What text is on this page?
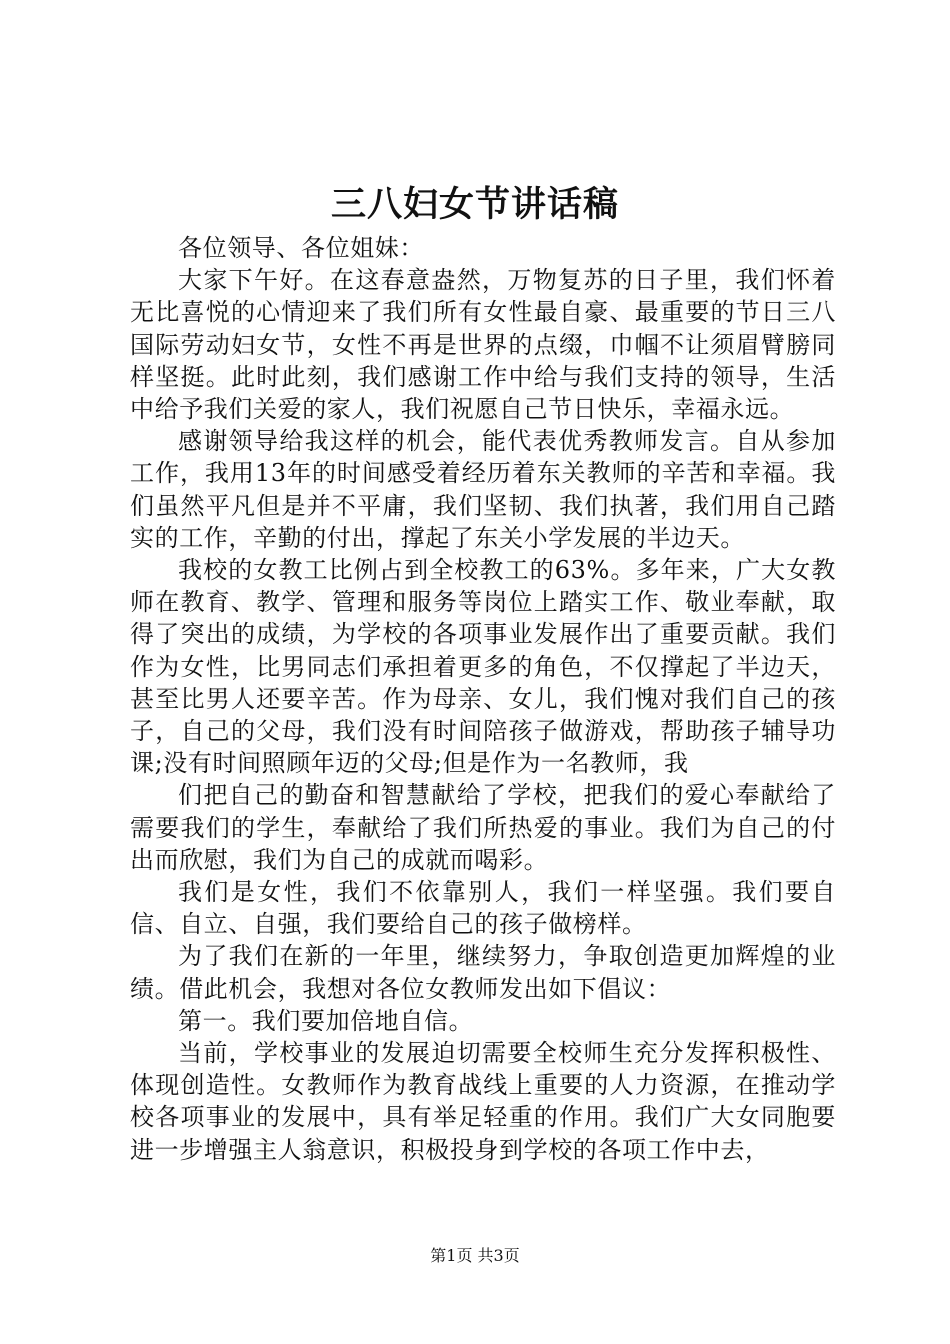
三八妇女节讲话稿

各位领导、各位姐妹：

大家下午好。在这春意盎然，万物复苏的日子里，我们怀着无比喜悦的心情迎来了我们所有女性最自豪、最重要的节日三八国际劳动妇女节，女性不再是世界的点缀，巾帼不让须眉臂膀同样坚挺。此时此刻，我们感谢工作中给与我们支持的领导，生活中给予我们关爱的家人，我们祝愿自己节日快乐，幸福永远。

感谢领导给我这样的机会，能代表优秀教师发言。自从参加工作，我用13年的时间感受着经历着东关教师的辛苦和幸福。我们虽然平凡但是并不平庸，我们坚韧、我们执著，我们用自己踏实的工作，辛勤的付出，撑起了东关小学发展的半边天。

我校的女教工比例占到全校教工的63%。多年来，广大女教师在教育、教学、管理和服务等岗位上踏实工作、敬业奉献，取得了突出的成绩，为学校的各项事业发展作出了重要贡献。我们作为女性，比男同志们承担着更多的角色，不仅撑起了半边天，甚至比男人还要辛苦。作为母亲、女儿，我们愧对我们自己的孩子，自己的父母，我们没有时间陪孩子做游戏，帮助孩子辅导功课;没有时间照顾年迈的父母;但是作为一名教师，我

们把自己的勤奋和智慧献给了学校，把我们的爱心奉献给了需要我们的学生，奉献给了我们所热爱的事业。我们为自己的付出而欣慰，我们为自己的成就而喝彩。

我们是女性，我们不依靠别人，我们一样坚强。我们要自信、自立、自强，我们要给自己的孩子做榜样。

为了我们在新的一年里，继续努力，争取创造更加辉煌的业绩。借此机会，我想对各位女教师发出如下倡议：

第一。我们要加倍地自信。

当前，学校事业的发展迫切需要全校师生充分发挥积极性、体现创造性。女教师作为教育战线上重要的人力资源，在推动学校各项事业的发展中，具有举足轻重的作用。我们广大女同胞要进一步增强主人翁意识，积极投身到学校的各项工作中去，

第1页 共3页
